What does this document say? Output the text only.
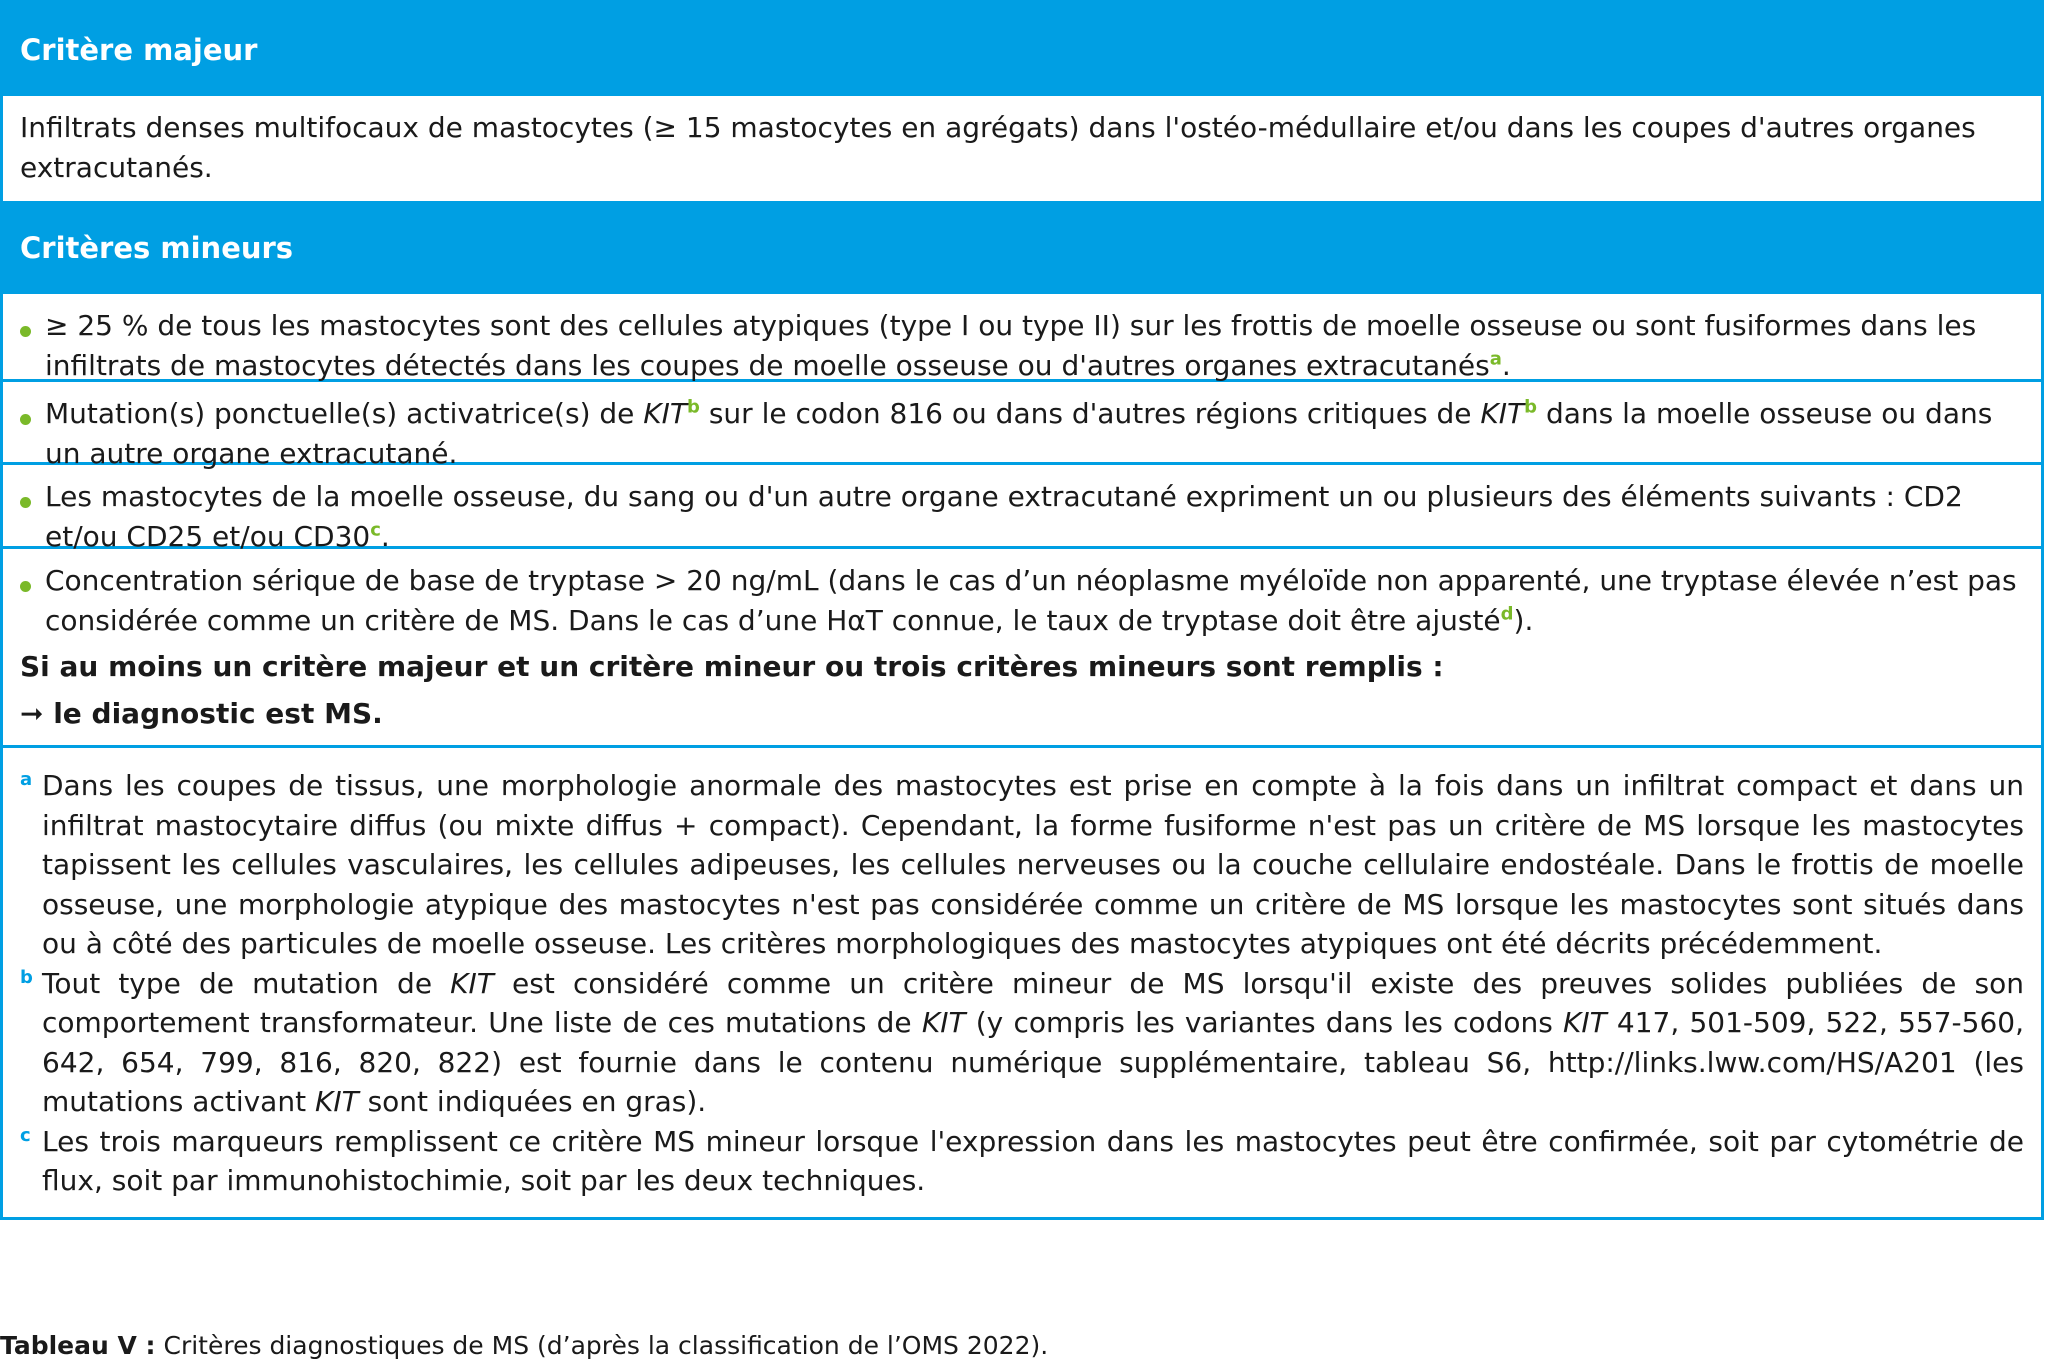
Critère majeur
Infiltrats denses multifocaux de mastocytes (≥ 15 mastocytes en agrégats) dans l'ostéo-médullaire et/ou dans les coupes d'autres organes extracutanés.
Critères mineurs
≥ 25 % de tous les mastocytes sont des cellules atypiques (type I ou type II) sur les frottis de moelle osseuse ou sont fusiformes dans les infiltrats de mastocytes détectés dans les coupes de moelle osseuse ou d'autres organes extracutanés$^a$.
Mutation(s) ponctuelle(s) activatrice(s) de KIT$^b$ sur le codon 816 ou dans d'autres régions critiques de KIT$^b$ dans la moelle osseuse ou dans un autre organe extracutané.
Les mastocytes de la moelle osseuse, du sang ou d'un autre organe extracutané expriment un ou plusieurs des éléments suivants : CD2 et/ou CD25 et/ou CD30$^c$.
Concentration sérique de base de tryptase > 20 ng/mL (dans le cas d’un néoplasme myéloïde non apparenté, une tryptase élevée n’est pas considérée comme un critère de MS. Dans le cas d’une HαT connue, le taux de tryptase doit être ajusté$^d$).
Si au moins un critère majeur et un critère mineur ou trois critères mineurs sont remplis :
➞ le diagnostic est MS.
a Dans les coupes de tissus, une morphologie anormale des mastocytes est prise en compte à la fois dans un infiltrat compact et dans un infiltrat mastocytaire diffus (ou mixte diffus + compact). Cependant, la forme fusiforme n'est pas un critère de MS lorsque les mastocytes tapissent les cellules vasculaires, les cellules adipeuses, les cellules nerveuses ou la couche cellulaire endostéale. Dans le frottis de moelle osseuse, une morphologie atypique des mastocytes n'est pas considérée comme un critère de MS lorsque les mastocytes sont situés dans ou à côté des particules de moelle osseuse. Les critères morphologiques des mastocytes atypiques ont été décrits précédemment.
b Tout type de mutation de KIT est considéré comme un critère mineur de MS lorsqu'il existe des preuves solides publiées de son comportement transformateur. Une liste de ces mutations de KIT (y compris les variantes dans les codons KIT 417, 501-509, 522, 557-560, 642, 654, 799, 816, 820, 822) est fournie dans le contenu numérique supplémentaire, tableau S6, http://links.lww.com/HS/A201 (les mutations activant KIT sont indiquées en gras).
c Les trois marqueurs remplissent ce critère MS mineur lorsque l'expression dans les mastocytes peut être confirmée, soit par cytométrie de flux, soit par immunohistochimie, soit par les deux techniques.
Tableau V : Critères diagnostiques de MS (d’après la classification de l’OMS 2022).
